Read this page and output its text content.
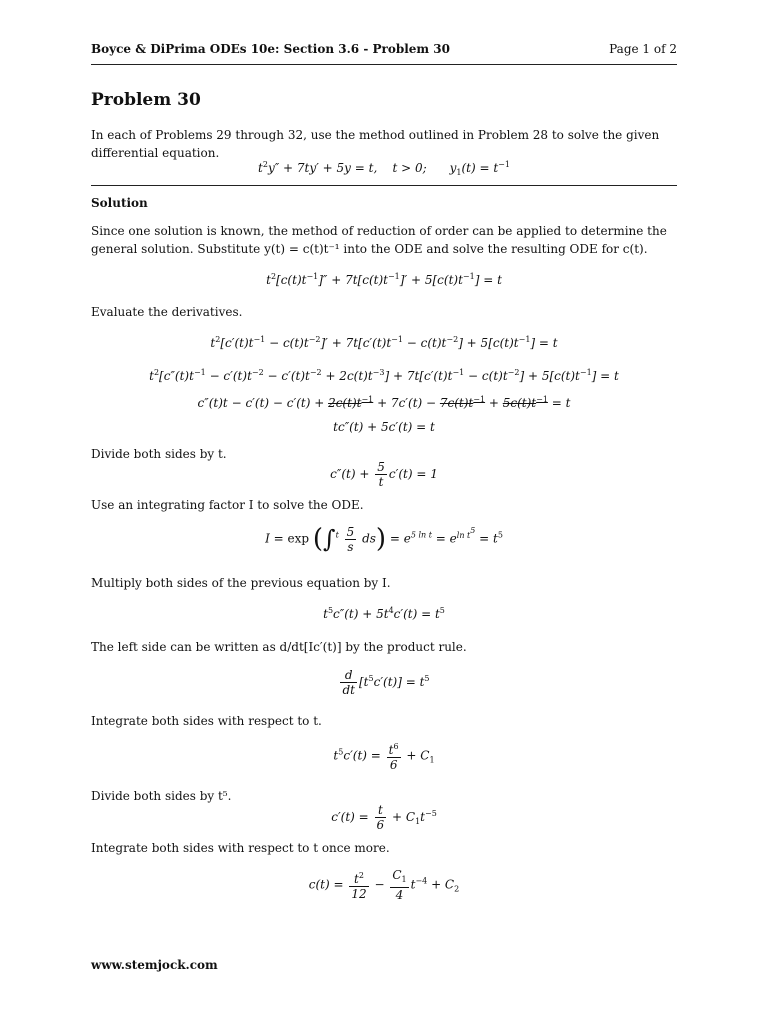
Boyce & DiPrima ODEs 10e: Section 3.6 - Problem 30	Page 1 of 2
Problem 30
In each of Problems 29 through 32, use the method outlined in Problem 28 to solve the given differential equation.
$t^2y'' + 7ty' + 5y = t$,    t > 0;      $y_1(t) = t^{-1}$
Solution
Since one solution is known, the method of reduction of order can be applied to determine the general solution. Substitute y(t) = c(t)t⁻¹ into the ODE and solve the resulting ODE for c(t).
$t^2[c(t)t^{-1}]'' + 7t[c(t)t^{-1}]' + 5[c(t)t^{-1}] = t$
Evaluate the derivatives.
$t^2[c'(t)t^{-1} - c(t)t^{-2}]' + 7t[c'(t)t^{-1} - c(t)t^{-2}] + 5[c(t)t^{-1}] = t$
$t^2[c''(t)t^{-1} - c'(t)t^{-2} - c'(t)t^{-2} + 2c(t)t^{-3}] + 7t[c'(t)t^{-1} - c(t)t^{-2}] + 5[c(t)t^{-1}] = t$
$c''(t)t - c'(t) - c'(t) + 2c(t)t^{-1} + 7c'(t) - 7c(t)t^{-1} + 5c(t)t^{-1} = t$
tc″(t) + 5c′(t) = t
Divide both sides by t.
$c''(t) + \frac{5}{t} c'(t) = 1$
Use an integrating factor I to solve the ODE.
$I = \exp (\int^t \frac{5}{s} ds) = e^{5 ln t} = e^{ln t^5} = t^5$
Multiply both sides of the previous equation by I.
$t^5c''(t) + 5t^4c'(t) = t^5$
The left side can be written as d/dt[Ic′(t)] by the product rule.
$\frac{d}{dt} [t^5c'(t)] = t^5$
Integrate both sides with respect to t.
$t^5c'(t) = \frac{t^6}{6} + C_1$
Divide both sides by t⁵.
$c'(t) = \frac{t}{6} + C_1t^{-5}$
Integrate both sides with respect to t once more.
$c(t) = \frac{t^2}{12} - \frac{C_1}{4} t^{-4} + C_2$
www.stemjock.com
